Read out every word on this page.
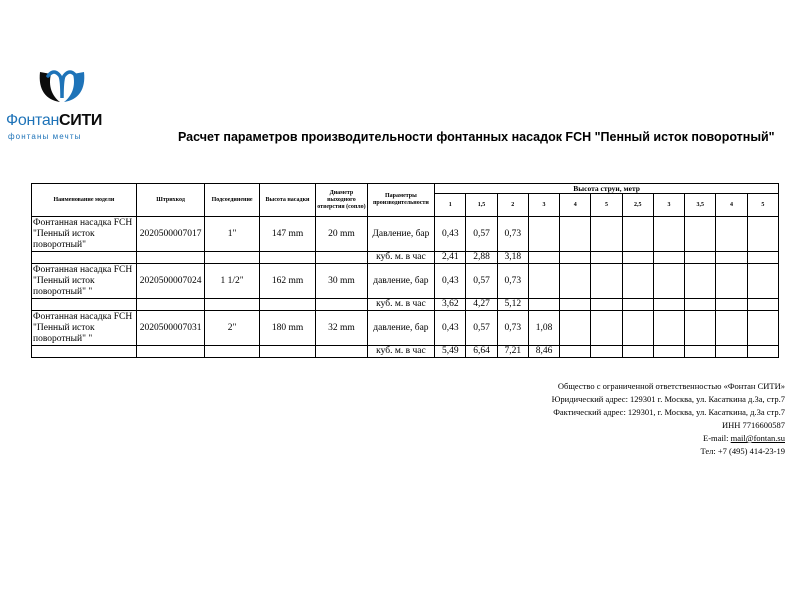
ФонтанСИТИ
фонтаны мечты	Расчет параметров производительности фонтанных насадок FCH "Пенный исток поворотный"
Наименование модели	Штрихкод	Подсоединение	Высота насадки	Диаметр выходного отверстия (сопло)	Параметры производительности	Высота струи, метр										
						1	1,5	2	3	4	5	2,5	3	3,5	4	5
Фонтанная насадка FCH "Пенный исток поворотный"	2020500007017	1"	147 mm	20 mm	Давление, бар	0,43	0,57	0,73								
					куб. м. в час	2,41	2,88	3,18								
Фонтанная насадка FCH "Пенный исток поворотный" "	2020500007024	1 1/2"	162 mm	30 mm	давление, бар	0,43	0,57	0,73								
					куб. м. в час	3,62	4,27	5,12								
Фонтанная насадка FCH "Пенный исток поворотный" "	2020500007031	2"	180 mm	32 mm	давление, бар	0,43	0,57	0,73	1,08							
					куб. м. в час	5,49	6,64	7,21	8,46							
Общество с ограниченной ответственностью «Фонтан СИТИ»
Юридический адрес: 129301 г. Москва, ул. Касаткина д.3а, стр.7
Фактический адрес: 129301, г. Москва, ул. Касаткина, д.3а стр.7
ИНН 7716600587
E-mail: mail@fontan.su
Тел: +7 (495) 414-23-19
